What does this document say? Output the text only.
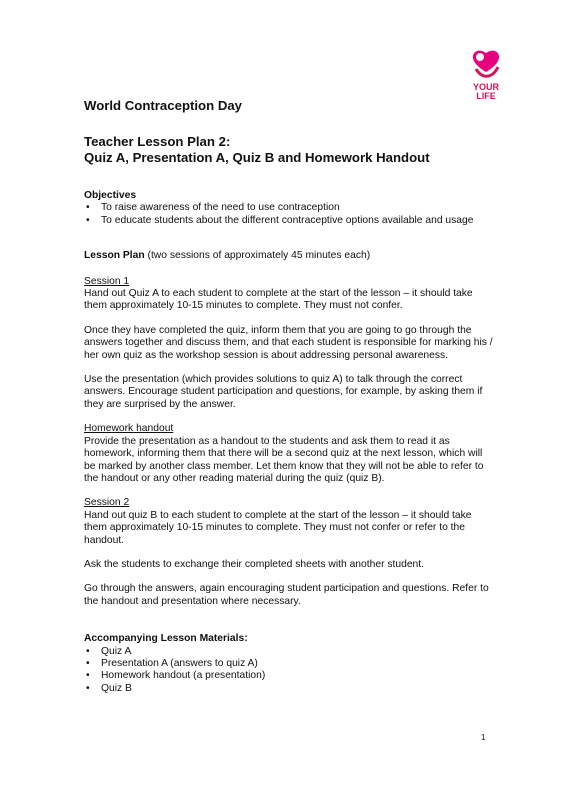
YOUR
LIFE
World Contraception Day
Teacher Lesson Plan 2:
Quiz A, Presentation A, Quiz B and Homework Handout
Objectives
• To raise awareness of the need to use contraception
• To educate students about the different contraceptive options available and usage
Lesson Plan (two sessions of approximately 45 minutes each)
Session 1
Hand out Quiz A to each student to complete at the start of the lesson – it should take them approximately 10-15 minutes to complete. They must not confer.
Once they have completed the quiz, inform them that you are going to go through the answers together and discuss them, and that each student is responsible for marking his / her own quiz as the workshop session is about addressing personal awareness.
Use the presentation (which provides solutions to quiz A) to talk through the correct answers. Encourage student participation and questions, for example, by asking them if they are surprised by the answer.
Homework handout
Provide the presentation as a handout to the students and ask them to read it as homework, informing them that there will be a second quiz at the next lesson, which will be marked by another class member. Let them know that they will not be able to refer to the handout or any other reading material during the quiz (quiz B).
Session 2
Hand out quiz B to each student to complete at the start of the lesson – it should take them approximately 10-15 minutes to complete. They must not confer or refer to the handout.
Ask the students to exchange their completed sheets with another student.
Go through the answers, again encouraging student participation and questions. Refer to the handout and presentation where necessary.
Accompanying Lesson Materials:
• Quiz A
• Presentation A (answers to quiz A)
• Homework handout (a presentation)
• Quiz B
1
